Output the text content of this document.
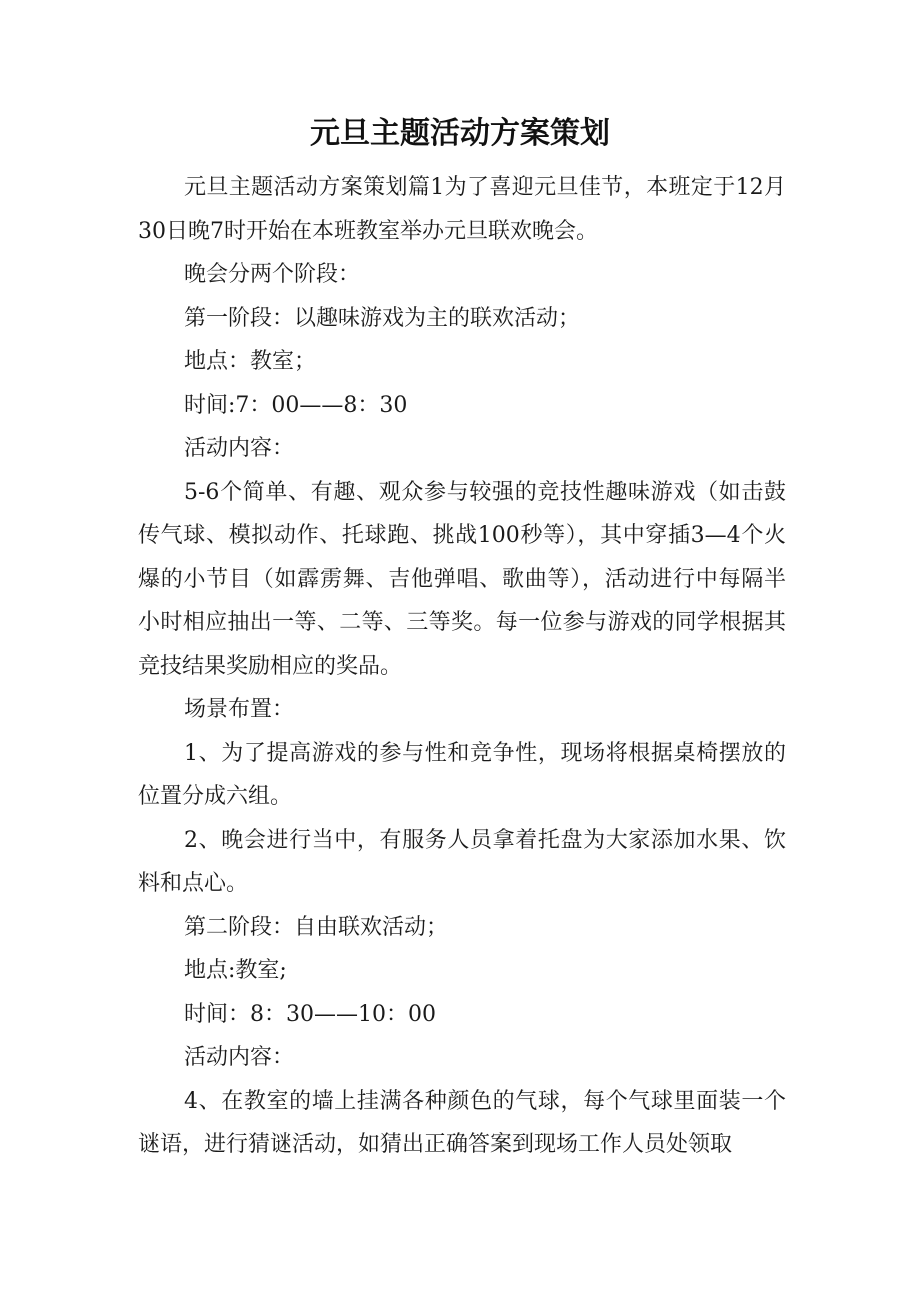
元旦主题活动方案策划

元旦主题活动方案策划篇1为了喜迎元旦佳节，本班定于12月30日晚7时开始在本班教室举办元旦联欢晚会。

晚会分两个阶段：

第一阶段：以趣味游戏为主的联欢活动；

地点：教室；

时间:7：00——8：30

活动内容：

5-6个简单、有趣、观众参与较强的竞技性趣味游戏（如击鼓传气球、模拟动作、托球跑、挑战100秒等），其中穿插3—4个火爆的小节目（如霹雳舞、吉他弹唱、歌曲等），活动进行中每隔半小时相应抽出一等、二等、三等奖。每一位参与游戏的同学根据其竞技结果奖励相应的奖品。

场景布置：

1、为了提高游戏的参与性和竞争性，现场将根据桌椅摆放的位置分成六组。

2、晚会进行当中，有服务人员拿着托盘为大家添加水果、饮料和点心。

第二阶段：自由联欢活动；

地点:教室;

时间：8：30——10：00

活动内容：

4、在教室的墙上挂满各种颜色的气球，每个气球里面装一个谜语，进行猜谜活动，如猜出正确答案到现场工作人员处领取
